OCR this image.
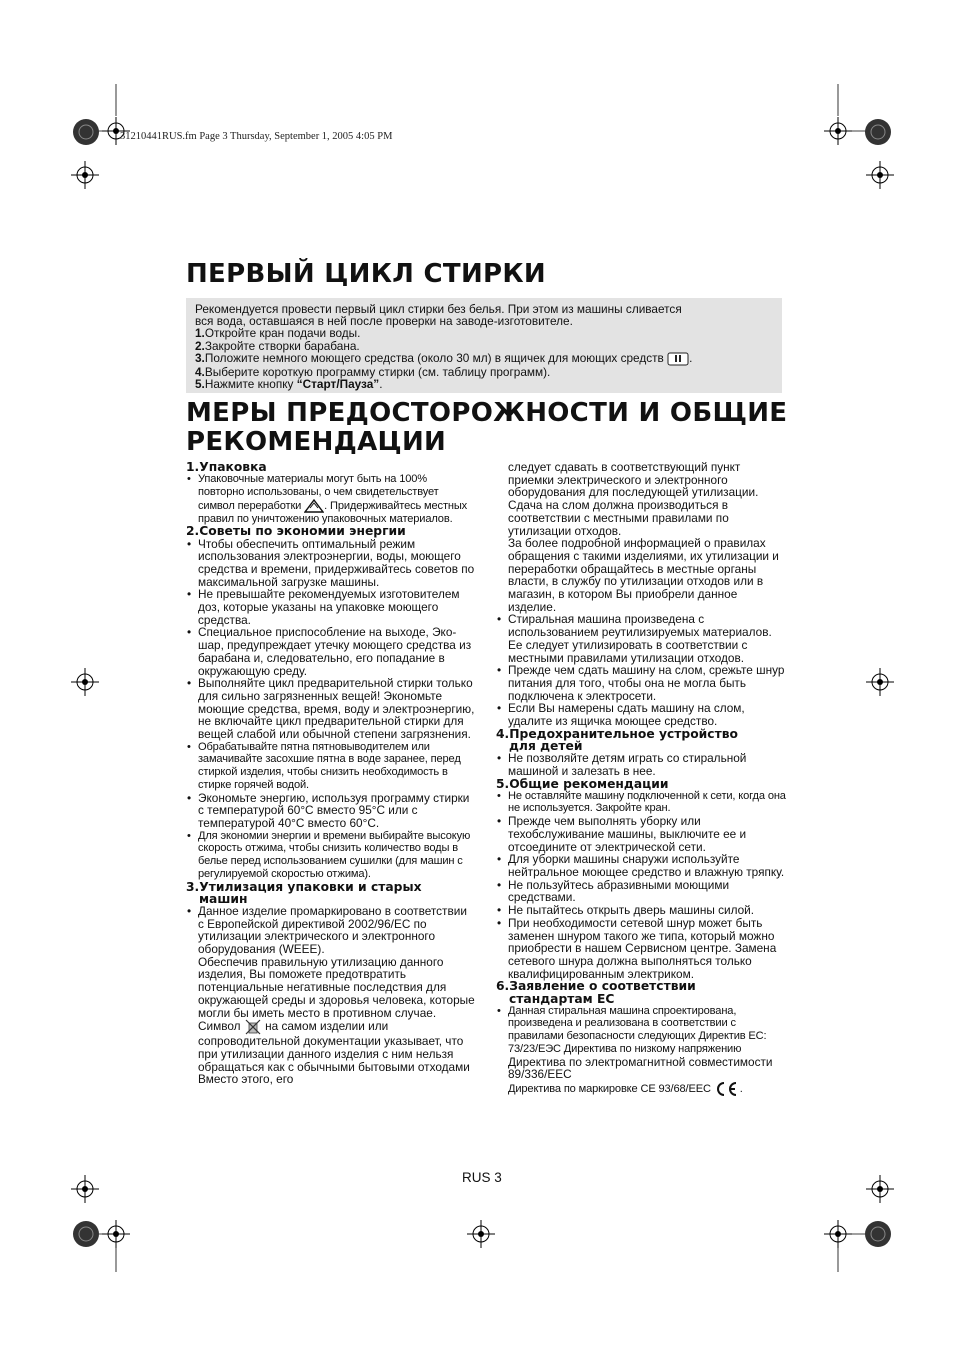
31210441RUS.fm Page 3 Thursday, September 1, 2005 4:05 PM
ПЕРВЫЙ ЦИКЛ СТИРКИ
Рекомендуется провести первый цикл стирки без белья. При этом из машины сливается
вся вода, оставшаяся в ней после проверки на заводе-изготовителе.
1.Откройте кран подачи воды.
2.Закройте створки барабана.
3.Положите немного моющего средства (около 30 мл) в ящичек для моющих средств .
4.Выберите короткую программу стирки (см. таблицу программ).
5.Нажмите кнопку “Старт/Пауза”.
МЕРЫ ПРЕДОСТОРОЖНОСТИ И ОБЩИЕ
РЕКОМЕНДАЦИИ
1.Упаковка
• Упаковочные материалы могут быть на 100% повторно использованы, о чем свидетельствует символ переработки . Придерживайтесь местных правил по уничтожению упаковочных материалов.
2.Советы по экономии энергии
• Чтобы обеспечить оптимальный режим использования электроэнергии, воды, моющего средства и времени, придерживайтесь советов по максимальной загрузке машины.
• Не превышайте рекомендуемых изготовителем доз, которые указаны на упаковке моющего средства.
• Специальное приспособление на выходе, Эко-шар, предупреждает утечку моющего средства из барабана и, следовательно, его попадание в окружающую среду.
• Выполняйте цикл предварительной стирки только для сильно загрязненных вещей! Экономьте моющие средства, время, воду и электроэнергию, не включайте цикл предварительной стирки для вещей слабой или обычной степени загрязнения.
• Обрабатывайте пятна пятновыводителем или замачивайте засохшие пятна в воде заранее, перед стиркой изделия, чтобы снизить необходимость в стирке горячей водой.
• Экономьте энергию, используя программу стирки с температурой 60°С вместо 95°С или с температурой 40°С вместо 60°С.
• Для экономии энергии и времени выбирайте высокую скорость отжима, чтобы снизить количество воды в белье перед использованием сушилки (для машин с регулируемой скоростью отжима).
3.Утилизация упаковки и старых
машин
• Данное изделие промаркировано в соответствии с Европейской директивой 2002/96/ЕС по утилизации электрического и электронного оборудования (WEEE).
Обеспечив правильную утилизацию данного изделия, Вы поможете предотвратить потенциальные негативные последствия для окружающей среды и здоровья человека, которые могли бы иметь место в противном случае.
Символ на самом изделии или сопроводительной документации указывает, что при утилизации данного изделия с ним нельзя обращаться как с обычными бытовыми отходами Вместо этого, его
следует сдавать в соответствующий пункт приемки электрического и электронного оборудования для последующей утилизации. Сдача на слом должна производиться в соответствии с местными правилами по утилизации отходов.
За более подробной информацией о правилах обращения с такими изделиями, их утилизации и переработки обращайтесь в местные органы власти, в службу по утилизации отходов или в магазин, в котором Вы приобрели данное изделие.
• Стиральная машина произведена с использованием реутилизируемых материалов. Ее следует утилизировать в соответствии с местными правилами утилизации отходов.
• Прежде чем сдать машину на слом, срежьте шнур питания для того, чтобы она не могла быть подключена к электросети.
• Если Вы намерены сдать машину на слом, удалите из ящичка моющее средство.
4.Предохранительное устройство
для детей
• Не позволяйте детям играть со стиральной машиной и залезать в нее.
5.Общие рекомендации
• Не оставляйте машину подключенной к сети, когда она не используется. Закройте кран.
• Прежде чем выполнять уборку или техобслуживание машины, выключите ее и отсоедините от электрической сети.
• Для уборки машины снаружи используйте нейтральное моющее средство и влажную тряпку.
• Не пользуйтесь абразивными моющими средствами.
• Не пытайтесь открыть дверь машины силой.
• При необходимости сетевой шнур может быть заменен шнуром такого же типа, который можно приобрести в нашем Сервисном центре. Замена сетевого шнура должна выполняться только квалифицированным электриком.
6.Заявление о соответствии
стандартам ЕС
• Данная стиральная машина спроектирована, произведена и реализована в соответствии с правилами безопасности следующих Директив ЕС: 73/23/ЕЭС Директива по низкому напряжению
Директива по электромагнитной совместимости 89/336/ЕЕС
Директива по маркировке СЕ 93/68/ЕЕС	.
RUS 3
